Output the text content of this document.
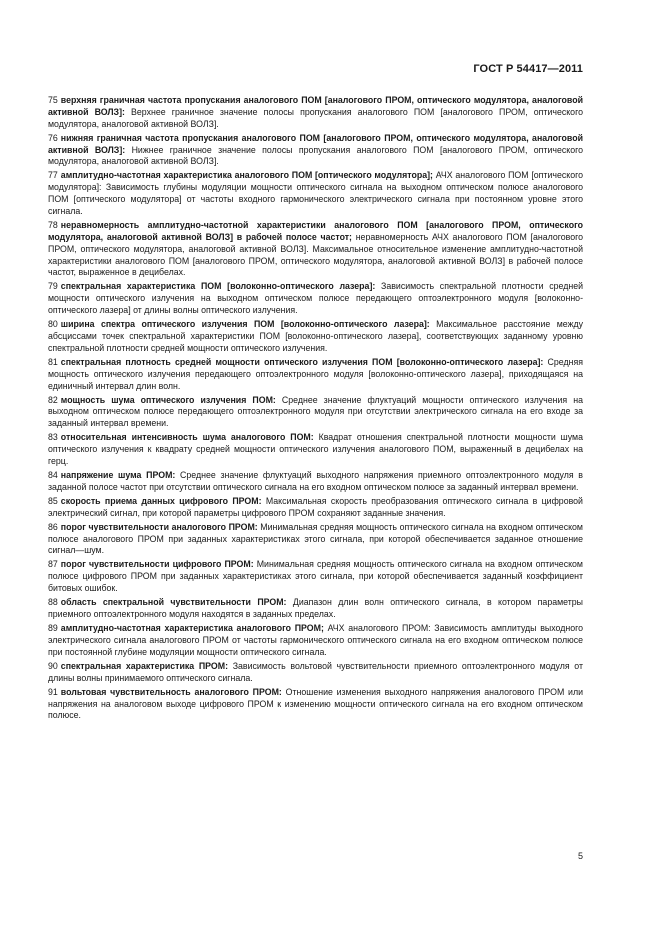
ГОСТ Р 54417—2011

75 верхняя граничная частота пропускания аналогового ПОМ [аналогового ПРОМ, оптического модулятора, аналоговой активной ВОЛЗ]: Верхнее граничное значение полосы пропускания аналогового ПОМ [аналогового ПРОМ, оптического модулятора, аналоговой активной ВОЛЗ].

76 нижняя граничная частота пропускания аналогового ПОМ [аналогового ПРОМ, оптического модулятора, аналоговой активной ВОЛЗ]: Нижнее граничное значение полосы пропускания аналогового ПОМ [аналогового ПРОМ, оптического модулятора, аналоговой активной ВОЛЗ].

77 амплитудно-частотная характеристика аналогового ПОМ [оптического модулятора]; АЧХ аналогового ПОМ [оптического модулятора]: Зависимость глубины модуляции мощности оптического сигнала на выходном оптическом полюсе аналогового ПОМ [оптического модулятора] от частоты входного гармонического электрического сигнала при постоянном уровне этого сигнала.

78 неравномерность амплитудно-частотной характеристики аналогового ПОМ [аналогового ПРОМ, оптического модулятора, аналоговой активной ВОЛЗ] в рабочей полосе частот; неравномерность АЧХ аналогового ПОМ [аналогового ПРОМ, оптического модулятора, аналоговой активной ВОЛЗ]. Максимальное относительное изменение амплитудно-частотной характеристики аналогового ПОМ [аналогового ПРОМ, оптического модулятора, аналоговой активной ВОЛЗ] в рабочей полосе частот, выраженное в децибелах.

79 спектральная характеристика ПОМ [волоконно-оптического лазера]: Зависимость спектральной плотности средней мощности оптического излучения на выходном оптическом полюсе передающего оптоэлектронного модуля [волоконно-оптического лазера] от длины волны оптического излучения.

80 ширина спектра оптического излучения ПОМ [волоконно-оптического лазера]: Максимальное расстояние между абсциссами точек спектральной характеристики ПОМ [волоконно-оптического лазера], соответствующих заданному уровню спектральной плотности средней мощности оптического излучения.

81 спектральная плотность средней мощности оптического излучения ПОМ [волоконно-оптического лазера]: Средняя мощность оптического излучения передающего оптоэлектронного модуля [волоконно-оптического лазера], приходящаяся на единичный интервал длин волн.

82 мощность шума оптического излучения ПОМ: Среднее значение флуктуаций мощности оптического излучения на выходном оптическом полюсе передающего оптоэлектронного модуля при отсутствии электрического сигнала на его входе за заданный интервал времени.

83 относительная интенсивность шума аналогового ПОМ: Квадрат отношения спектральной плотности мощности шума оптического излучения к квадрату средней мощности оптического излучения аналогового ПОМ, выраженный в децибелах на герц.

84 напряжение шума ПРОМ: Среднее значение флуктуаций выходного напряжения приемного оптоэлектронного модуля в заданной полосе частот при отсутствии оптического сигнала на его входном оптическом полюсе за заданный интервал времени.

85 скорость приема данных цифрового ПРОМ: Максимальная скорость преобразования оптического сигнала в цифровой электрический сигнал, при которой параметры цифрового ПРОМ сохраняют заданные значения.

86 порог чувствительности аналогового ПРОМ: Минимальная средняя мощность оптического сигнала на входном оптическом полюсе аналогового ПРОМ при заданных характеристиках этого сигнала, при которой обеспечивается заданное отношение сигнал—шум.

87 порог чувствительности цифрового ПРОМ: Минимальная средняя мощность оптического сигнала на входном оптическом полюсе цифрового ПРОМ при заданных характеристиках этого сигнала, при которой обеспечивается заданный коэффициент битовых ошибок.

88 область спектральной чувствительности ПРОМ: Диапазон длин волн оптического сигнала, в котором параметры приемного оптоэлектронного модуля находятся в заданных пределах.

89 амплитудно-частотная характеристика аналогового ПРОМ; АЧХ аналогового ПРОМ: Зависимость амплитуды выходного электрического сигнала аналогового ПРОМ от частоты гармонического оптического сигнала на его входном оптическом полюсе при постоянной глубине модуляции мощности оптического сигнала.

90 спектральная характеристика ПРОМ: Зависимость вольтовой чувствительности приемного оптоэлектронного модуля от длины волны принимаемого оптического сигнала.

91 вольтовая чувствительность аналогового ПРОМ: Отношение изменения выходного напряжения аналогового ПРОМ или напряжения на аналоговом выходе цифрового ПРОМ к изменению мощности оптического сигнала на его входном оптическом полюсе.

5
